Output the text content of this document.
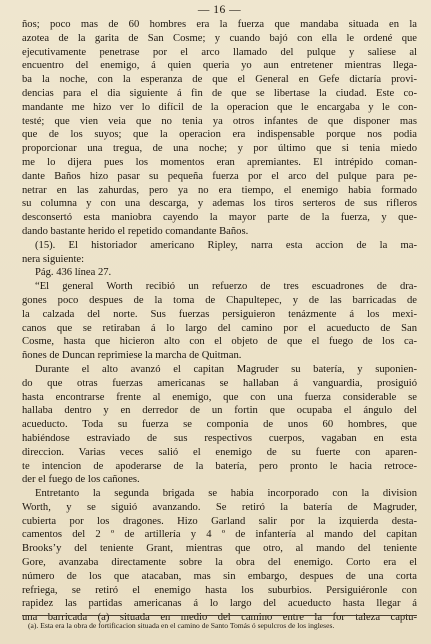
— 16 —
ños; poco mas de 60 hombres era la fuerza que mandaba situada en la
azotea de la garita de San Cosme; y cuando bajó con ella le ordené que
ejecutivamente penetrase por el arco llamado del pulque y saliese al
encuentro del enemigo, á quien queria yo aun entretener mientras llega-
ba la noche, con la esperanza de que el General en Gefe dictaría provi-
dencias para el dia siguiente á fin de que se libertase la ciudad. Este co-
mandante me hizo ver lo difícil de la operacion que le encargaba y le con-
testé; que vien veia que no tenia ya otros infantes de que disponer mas
que de los suyos; que la operacion era indispensable porque nos podia
proporcionar una tregua, de una noche; y por último que si tenia miedo
me lo dijera pues los momentos eran apremiantes. El intrépido coman-
dante Baños hizo pasar su pequeña fuerza por el arco del pulque para pe-
netrar en las zahurdas, pero ya no era tiempo, el enemigo habia formado
su columna y con una descarga, y ademas los tiros serteros de sus rifleros
desconsertó esta maniobra cayendo la mayor parte de la fuerza, y que-
dando bastante herido el repetido comandante Baños.
(15). El historiador americano Ripley, narra esta accion de la ma-
nera siguiente:
Pág. 436 línea 27.
“El general Worth recibió un refuerzo de tres escuadrones de dra-
gones poco despues de la toma de Chapultepec, y de las barricadas de
la calzada del norte. Sus fuerzas persiguieron tenázmente á los mexi-
canos que se retiraban á lo largo del camino por el acueducto de San
Cosme, hasta que hicieron alto con el objeto de que el fuego de los ca-
ñones de Duncan reprimiese la marcha de Quitman.
Durante el alto avanzó el capitan Magruder su batería, y suponien-
do que otras fuerzas americanas se hallaban á vanguardia, prosiguió
hasta encontrarse frente al enemigo, que con una fuerza considerable se
hallaba dentro y en derredor de un fortin que ocupaba el ángulo del
acueducto. Toda su fuerza se componia de unos 60 hombres, que
habiéndose estraviado de sus respectivos cuerpos, vagaban en esta
direccion. Varias veces salió el enemigo de su fuerte con aparen-
te intencion de apoderarse de la batería, pero pronto le hacia retroce-
der el fuego de los cañones.
Entretanto la segunda brigada se habia incorporado con la division
Worth, y se siguió avanzando. Se retiró la batería de Magruder,
cubierta por los dragones. Hizo Garland salir por la izquierda desta-
camentos del 2 º de artillería y 4 º de infantería al mando del capitan
Brooks’y del teniente Grant, mientras que otro, al mando del teniente
Gore, avanzaba directamente sobre la obra del enemigo. Corto era el
número de los que atacaban, mas sin embargo, despues de una corta
refriega, se retiró el enemigo hasta los suburbios. Persiguiéronle con
rapidez las partidas americanas á lo largo del acueducto hasta llegar á
una barricada (a) situada en medio del camino entre la for taleza captu-
(a). Esta era la obra de fortificacion situada en el camino de Santo Tomás ó sepulcros de los ingleses.
